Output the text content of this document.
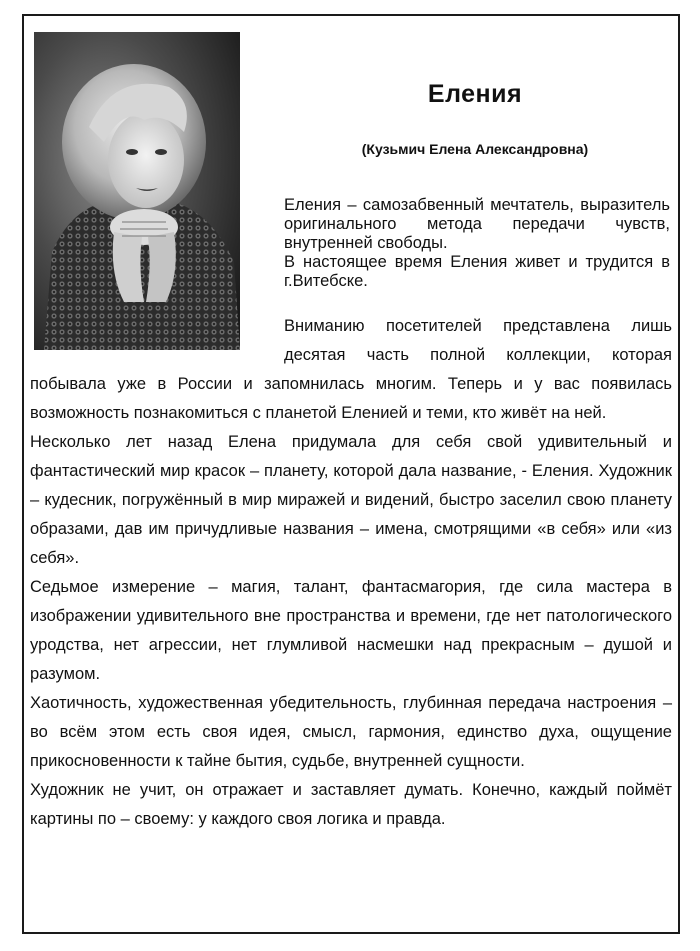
Еления
(Кузьмич Елена Александровна)

Еления – самозабвенный мечтатель, выразитель оригинального метода передачи чувств, внутренней свободы.

В настоящее время Еления живет и трудится в г.Витебске.

Вниманию посетителей представлена лишь десятая часть полной коллекции, которая побывала уже в России и запомнилась многим. Теперь и у вас появилась возможность познакомиться с планетой Еленией и теми, кто живёт на ней.

Несколько лет назад Елена придумала для себя свой удивительный и фантастический мир красок – планету, которой дала название, - Еления. Художник – кудесник, погружённый в мир миражей и видений, быстро заселил свою планету образами, дав им причудливые названия – имена, смотрящими «в себя» или «из себя».

Седьмое измерение – магия, талант, фантасмагория, где сила мастера в изображении удивительного вне пространства и времени, где нет патологического уродства, нет агрессии, нет глумливой насмешки над прекрасным – душой и разумом.

Хаотичность, художественная убедительность, глубинная передача настроения – во всём этом есть своя идея, смысл, гармония, единство духа, ощущение прикосновенности к тайне бытия, судьбе, внутренней сущности.

Художник не учит, он отражает и заставляет думать. Конечно, каждый поймёт картины по – своему: у каждого своя логика и правда.
